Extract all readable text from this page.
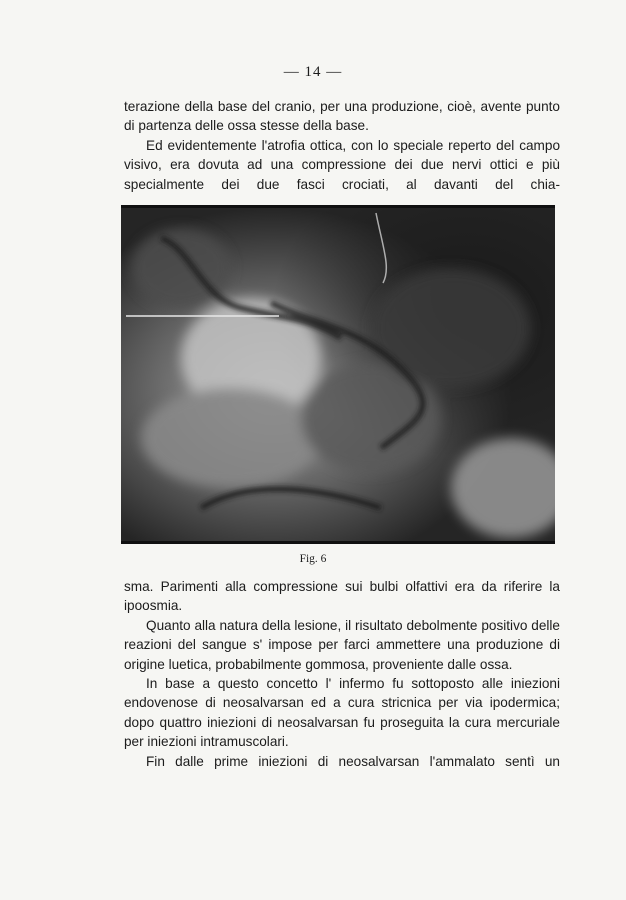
— 14 —

terazione della base del cranio, per una produzione, cioè, avente punto di partenza delle ossa stesse della base.

Ed evidentemente l'atrofia ottica, con lo speciale reperto del campo visivo, era dovuta ad una compressione dei due nervi ottici e più specialmente dei due fasci crociati, al davanti del chia-

Fig. 6

sma. Parimenti alla compressione sui bulbi olfattivi era da riferire la ipoosmia.

Quanto alla natura della lesione, il risultato debolmente positivo delle reazioni del sangue s' impose per farci ammettere una produzione di origine luetica, probabilmente gommosa, proveniente dalle ossa.

In base a questo concetto l' infermo fu sottoposto alle iniezioni endovenose di neosalvarsan ed a cura stricnica per via ipodermica; dopo quattro iniezioni di neosalvarsan fu proseguita la cura mercuriale per iniezioni intramuscolari.

Fin dalle prime iniezioni di neosalvarsan l'ammalato sentì un
